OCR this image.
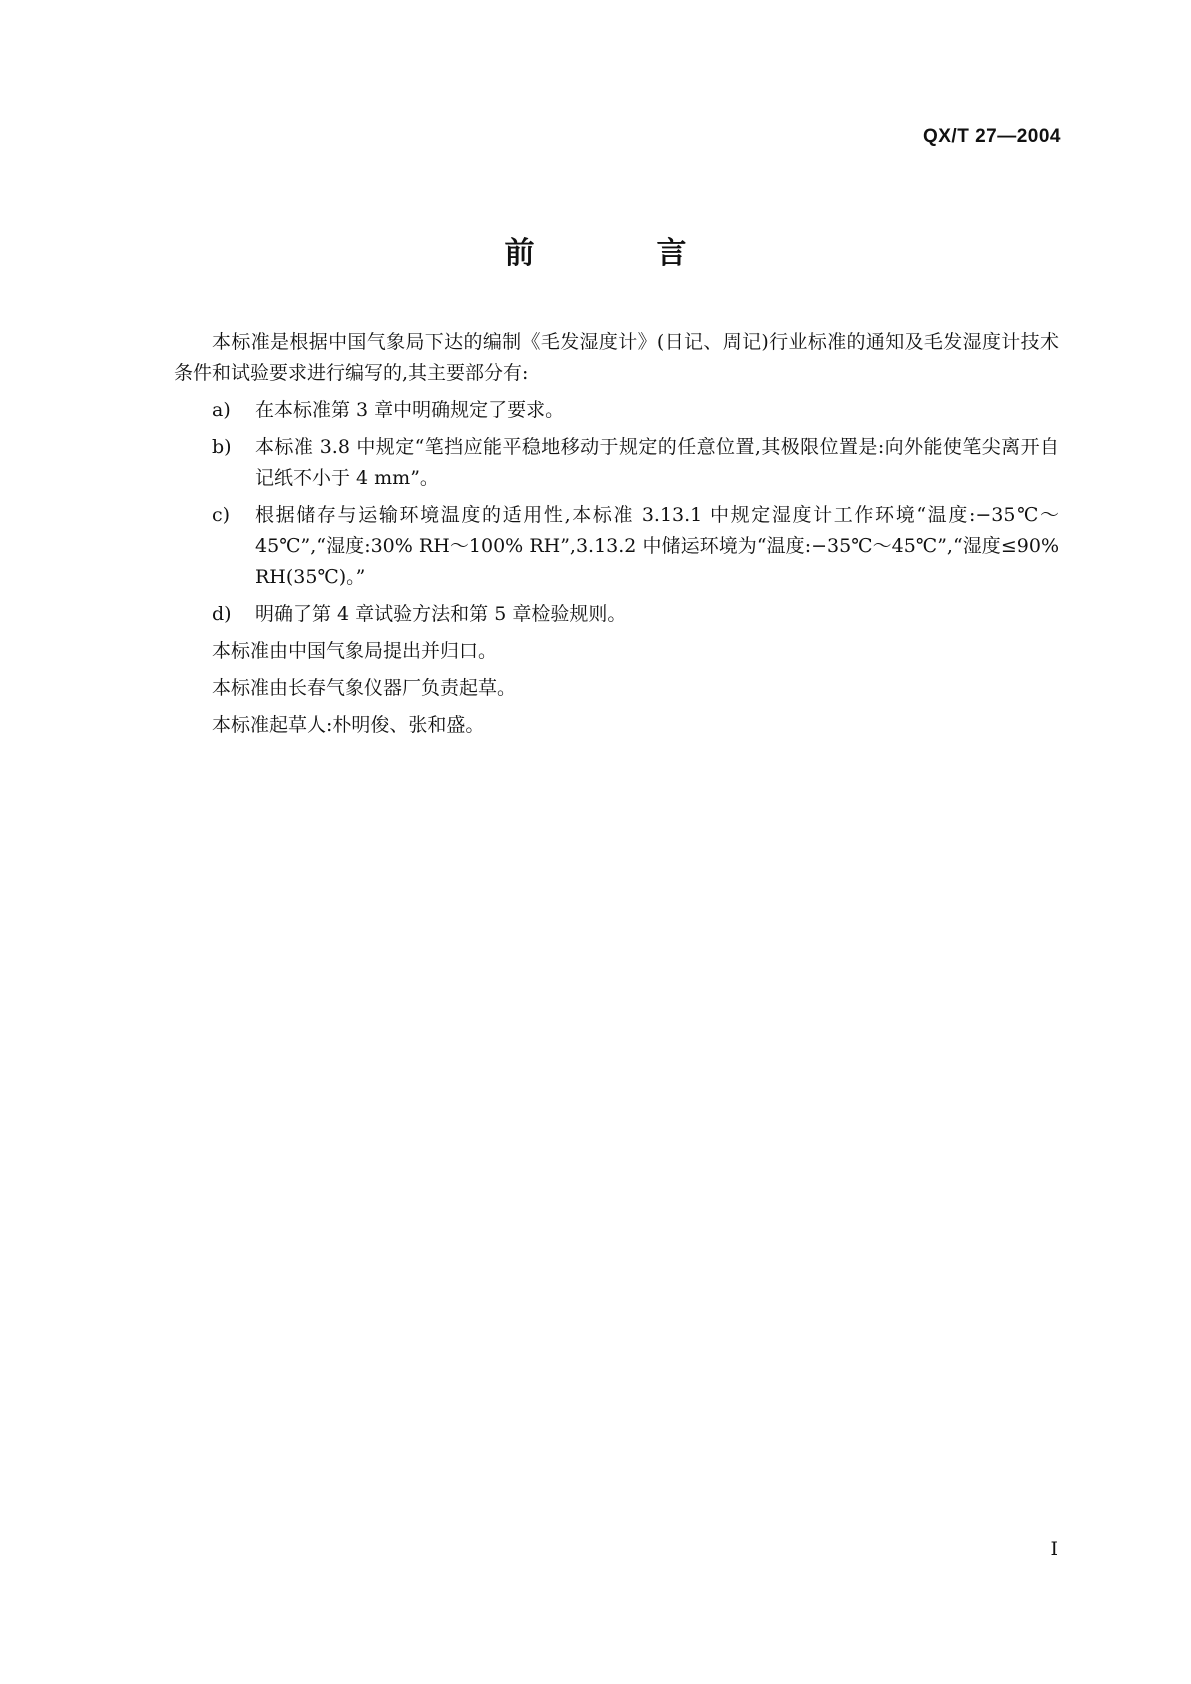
QX/T 27—2004
前　言

本标准是根据中国气象局下达的编制《毛发湿度计》(日记、周记)行业标准的通知及毛发湿度计技术条件和试验要求进行编写的,其主要部分有:

a)	在本标准第 3 章中明确规定了要求。
b)	本标准 3.8 中规定“笔挡应能平稳地移动于规定的任意位置,其极限位置是:向外能使笔尖离开自记纸不小于 4 mm”。
c)	根据储存与运输环境温度的适用性,本标准 3.13.1 中规定湿度计工作环境“温度:−35℃～45℃”,“湿度:30% RH～100% RH”,3.13.2 中储运环境为“温度:−35℃～45℃”,“湿度≤90% RH(35℃)。”
d)	明确了第 4 章试验方法和第 5 章检验规则。

本标准由中国气象局提出并归口。

本标准由长春气象仪器厂负责起草。

本标准起草人:朴明俊、张和盛。

I
